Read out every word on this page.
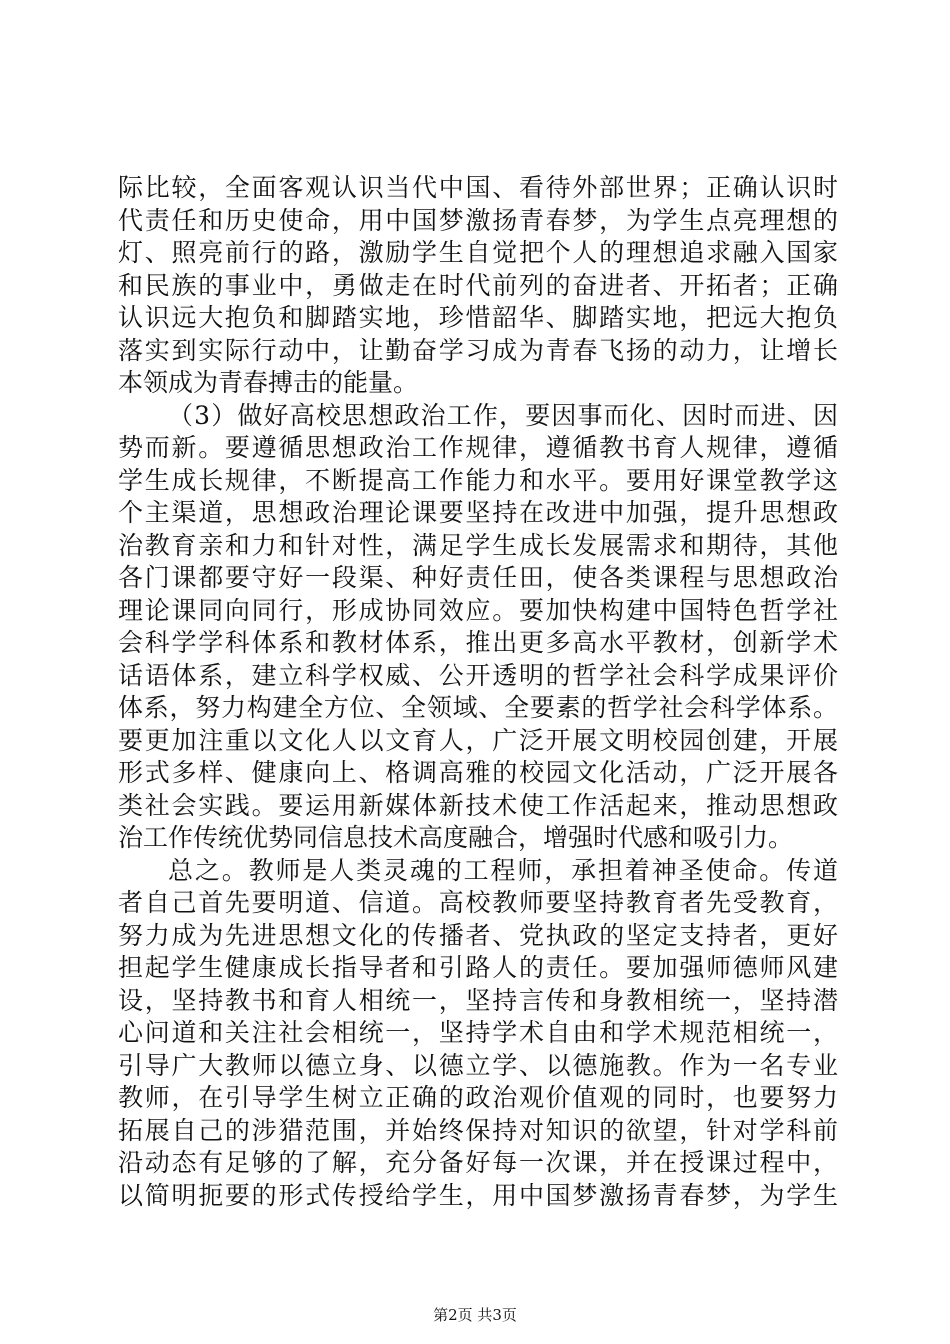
际比较，全面客观认识当代中国、看待外部世界；正确认识时
代责任和历史使命，用中国梦激扬青春梦，为学生点亮理想的
灯、照亮前行的路，激励学生自觉把个人的理想追求融入国家
和民族的事业中，勇做走在时代前列的奋进者、开拓者；正确
认识远大抱负和脚踏实地，珍惜韶华、脚踏实地，把远大抱负
落实到实际行动中，让勤奋学习成为青春飞扬的动力，让增长
本领成为青春搏击的能量。
（3）做好高校思想政治工作，要因事而化、因时而进、因
势而新。要遵循思想政治工作规律，遵循教书育人规律，遵循
学生成长规律，不断提高工作能力和水平。要用好课堂教学这
个主渠道，思想政治理论课要坚持在改进中加强，提升思想政
治教育亲和力和针对性，满足学生成长发展需求和期待，其他
各门课都要守好一段渠、种好责任田，使各类课程与思想政治
理论课同向同行，形成协同效应。要加快构建中国特色哲学社
会科学学科体系和教材体系，推出更多高水平教材，创新学术
话语体系，建立科学权威、公开透明的哲学社会科学成果评价
体系，努力构建全方位、全领域、全要素的哲学社会科学体系。
要更加注重以文化人以文育人，广泛开展文明校园创建，开展
形式多样、健康向上、格调高雅的校园文化活动，广泛开展各
类社会实践。要运用新媒体新技术使工作活起来，推动思想政
治工作传统优势同信息技术高度融合，增强时代感和吸引力。
总之。教师是人类灵魂的工程师，承担着神圣使命。传道
者自己首先要明道、信道。高校教师要坚持教育者先受教育，
努力成为先进思想文化的传播者、党执政的坚定支持者，更好
担起学生健康成长指导者和引路人的责任。要加强师德师风建
设，坚持教书和育人相统一，坚持言传和身教相统一，坚持潜
心问道和关注社会相统一，坚持学术自由和学术规范相统一，
引导广大教师以德立身、以德立学、以德施教。作为一名专业
教师，在引导学生树立正确的政治观价值观的同时，也要努力
拓展自己的涉猎范围，并始终保持对知识的欲望，针对学科前
沿动态有足够的了解，充分备好每一次课，并在授课过程中，
以简明扼要的形式传授给学生，用中国梦激扬青春梦，为学生
第2页 共3页
